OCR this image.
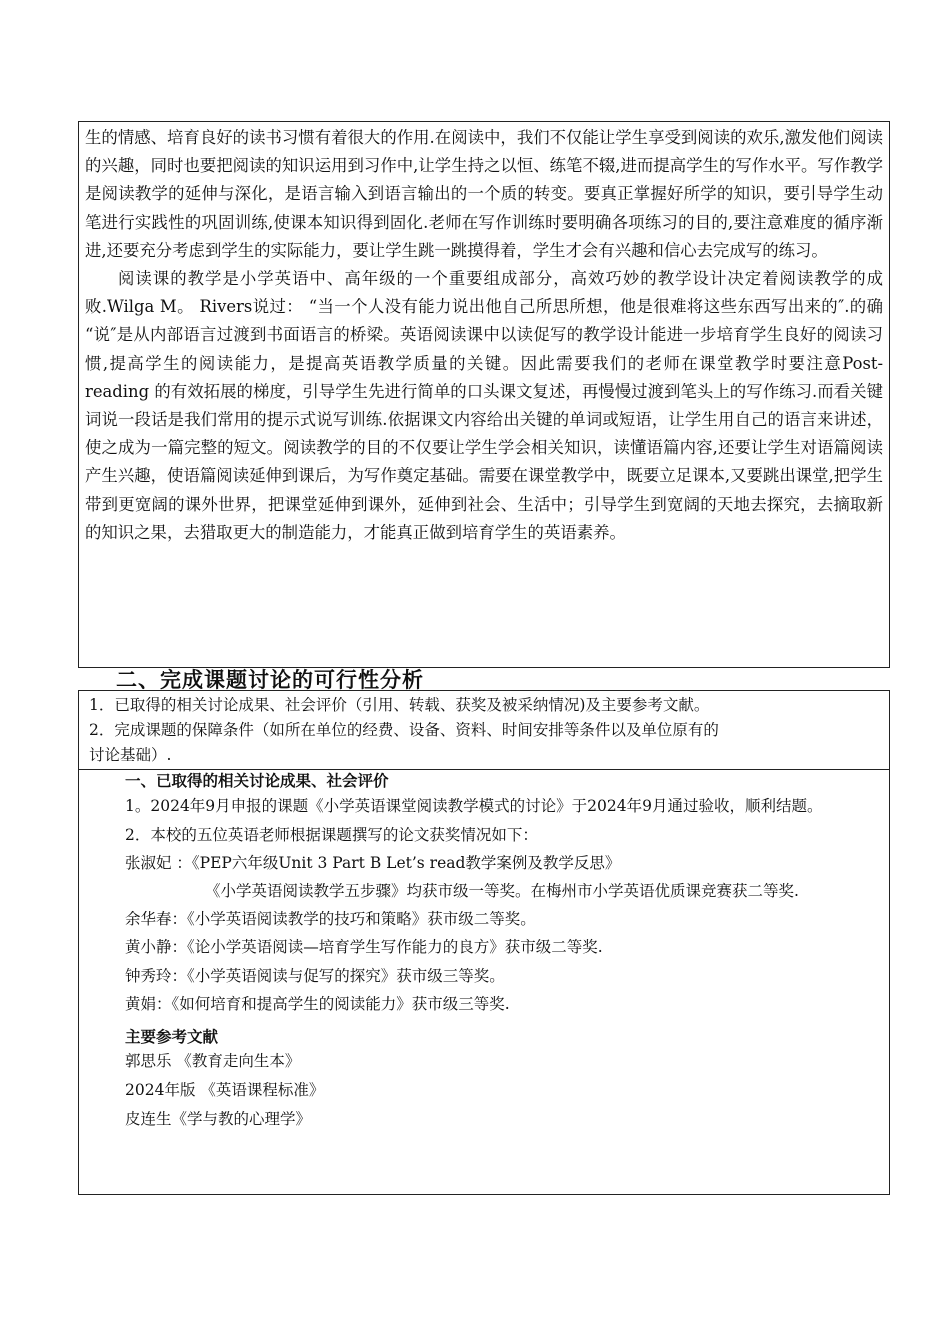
生的情感、培育良好的读书习惯有着很大的作用.在阅读中，我们不仅能让学生享受到阅读的欢乐,激发他们阅读的兴趣，同时也要把阅读的知识运用到习作中,让学生持之以恒、练笔不辍,进而提高学生的写作水平。写作教学是阅读教学的延伸与深化，是语言输入到语言输出的一个质的转变。要真正掌握好所学的知识，要引导学生动笔进行实践性的巩固训练,使课本知识得到固化.老师在写作训练时要明确各项练习的目的,要注意难度的循序渐进,还要充分考虑到学生的实际能力，要让学生跳一跳摸得着，学生才会有兴趣和信心去完成写的练习。

阅读课的教学是小学英语中、高年级的一个重要组成部分，高效巧妙的教学设计决定着阅读教学的成败.Wilga M。 Rivers说过： “当一个人没有能力说出他自己所思所想，他是很难将这些东西写出来的″.的确 “说″是从内部语言过渡到书面语言的桥梁。英语阅读课中以读促写的教学设计能进一步培育学生良好的阅读习惯,提高学生的阅读能力，是提高英语教学质量的关键。因此需要我们的老师在课堂教学时要注意Post-reading 的有效拓展的梯度，引导学生先进行简单的口头课文复述，再慢慢过渡到笔头上的写作练习.而看关键词说一段话是我们常用的提示式说写训练.依据课文内容给出关键的单词或短语，让学生用自己的语言来讲述，使之成为一篇完整的短文。阅读教学的目的不仅要让学生学会相关知识，读懂语篇内容,还要让学生对语篇阅读产生兴趣，使语篇阅读延伸到课后，为写作奠定基础。需要在课堂教学中，既要立足课本,又要跳出课堂,把学生带到更宽阔的课外世界，把课堂延伸到课外，延伸到社会、生活中；引导学生到宽阔的天地去探究，去摘取新的知识之果，去猎取更大的制造能力，才能真正做到培育学生的英语素养。

二、完成课题讨论的可行性分析

1．已取得的相关讨论成果、社会评价（引用、转载、获奖及被采纳情况)及主要参考文献。

2．完成课题的保障条件（如所在单位的经费、设备、资料、时间安排等条件以及单位原有的

讨论基础）.

一、已取得的相关讨论成果、社会评价

1。2024年9月申报的课题《小学英语课堂阅读教学模式的讨论》于2024年9月通过验收，顺利结题。

2．本校的五位英语老师根据课题撰写的论文获奖情况如下：

张淑妃 ：《PEP六年级Unit 3 Part B Let’s read教学案例及教学反思》

《小学英语阅读教学五步骤》均获市级一等奖。在梅州市小学英语优质课竞赛获二等奖.

余华春：《小学英语阅读教学的技巧和策略》获市级二等奖。

黄小静：《论小学英语阅读—培育学生写作能力的良方》获市级二等奖.

钟秀玲：《小学英语阅读与促写的探究》获市级三等奖。

黄娟：《如何培育和提高学生的阅读能力》获市级三等奖.

主要参考文献

郭思乐 《教育走向生本》

2024年版 《英语课程标准》

皮连生《学与教的心理学》
